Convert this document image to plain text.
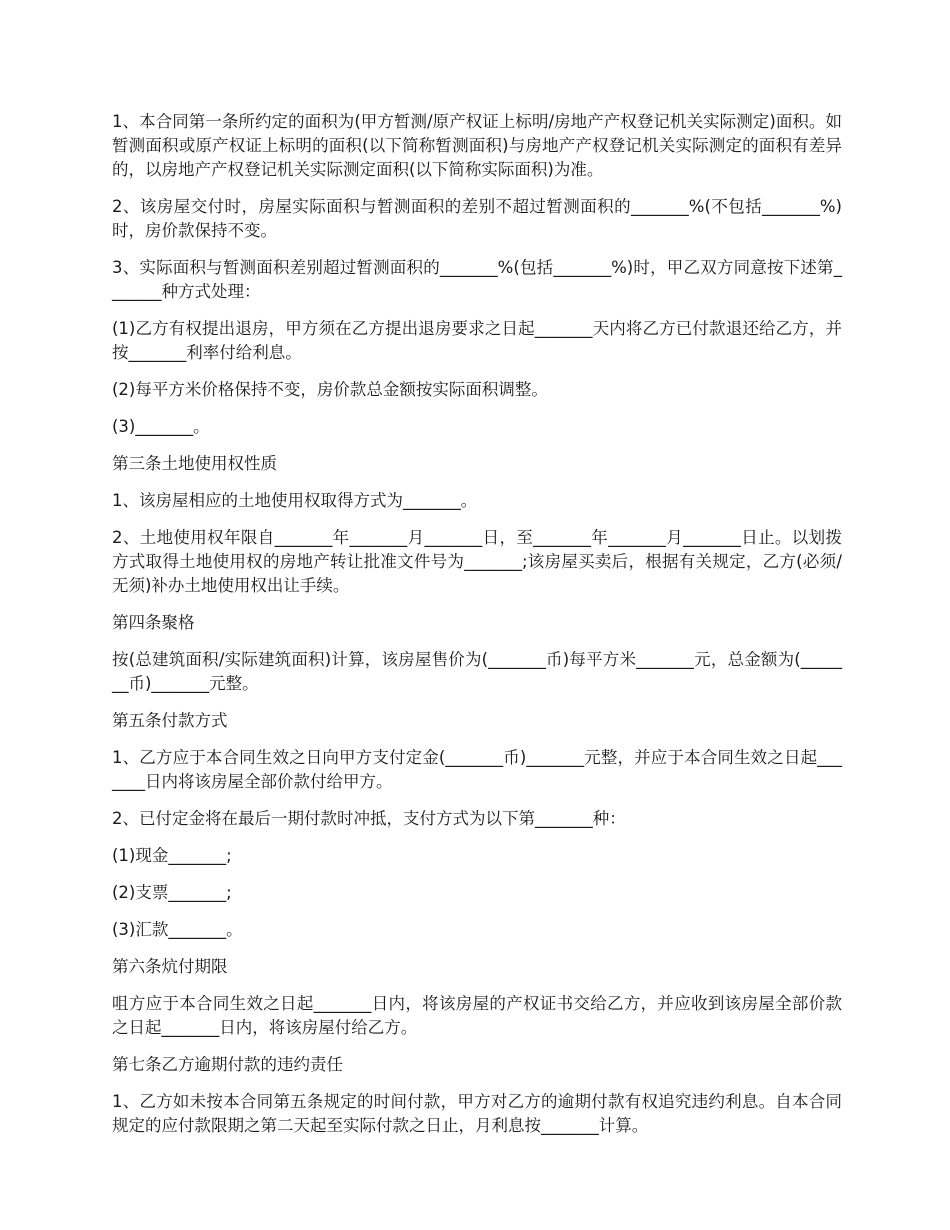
1、本合同第一条所约定的面积为(甲方暂测/原产权证上标明/房地产产权登记机关实际测定)面积。如暂测面积或原产权证上标明的面积(以下简称暂测面积)与房地产产权登记机关实际测定的面积有差异的，以房地产产权登记机关实际测定面积(以下简称实际面积)为准。

2、该房屋交付时，房屋实际面积与暂测面积的差别不超过暂测面积的_______%(不包括_______%)时，房价款保持不变。

3、实际面积与暂测面积差别超过暂测面积的_______%(包括_______%)时，甲乙双方同意按下述第_______种方式处理：

(1)乙方有权提出退房，甲方须在乙方提出退房要求之日起_______天内将乙方已付款退还给乙方，并按_______利率付给利息。

(2)每平方米价格保持不变，房价款总金额按实际面积调整。

(3)_______。

第三条土地使用权性质

1、该房屋相应的土地使用权取得方式为_______。

2、土地使用权年限自_______年_______月_______日，至_______年_______月_______日止。以划拨方式取得土地使用权的房地产转让批准文件号为_______;该房屋买卖后，根据有关规定，乙方(必须/无须)补办土地使用权出让手续。

第四条聚格

按(总建筑面积/实际建筑面积)计算，该房屋售价为(_______币)每平方米_______元，总金额为(_______币)_______元整。

第五条付款方式

1、乙方应于本合同生效之日向甲方支付定金(_______币)_______元整，并应于本合同生效之日起_______日内将该房屋全部价款付给甲方。

2、已付定金将在最后一期付款时冲抵，支付方式为以下第_______种：

(1)现金_______;

(2)支票_______;

(3)汇款_______。

第六条炕付期限

咀方应于本合同生效之日起_______日内，将该房屋的产权证书交给乙方，并应收到该房屋全部价款之日起_______日内，将该房屋付给乙方。

第七条乙方逾期付款的违约责任

1、乙方如未按本合同第五条规定的时间付款，甲方对乙方的逾期付款有权追究违约利息。自本合同规定的应付款限期之第二天起至实际付款之日止，月利息按_______计算。
